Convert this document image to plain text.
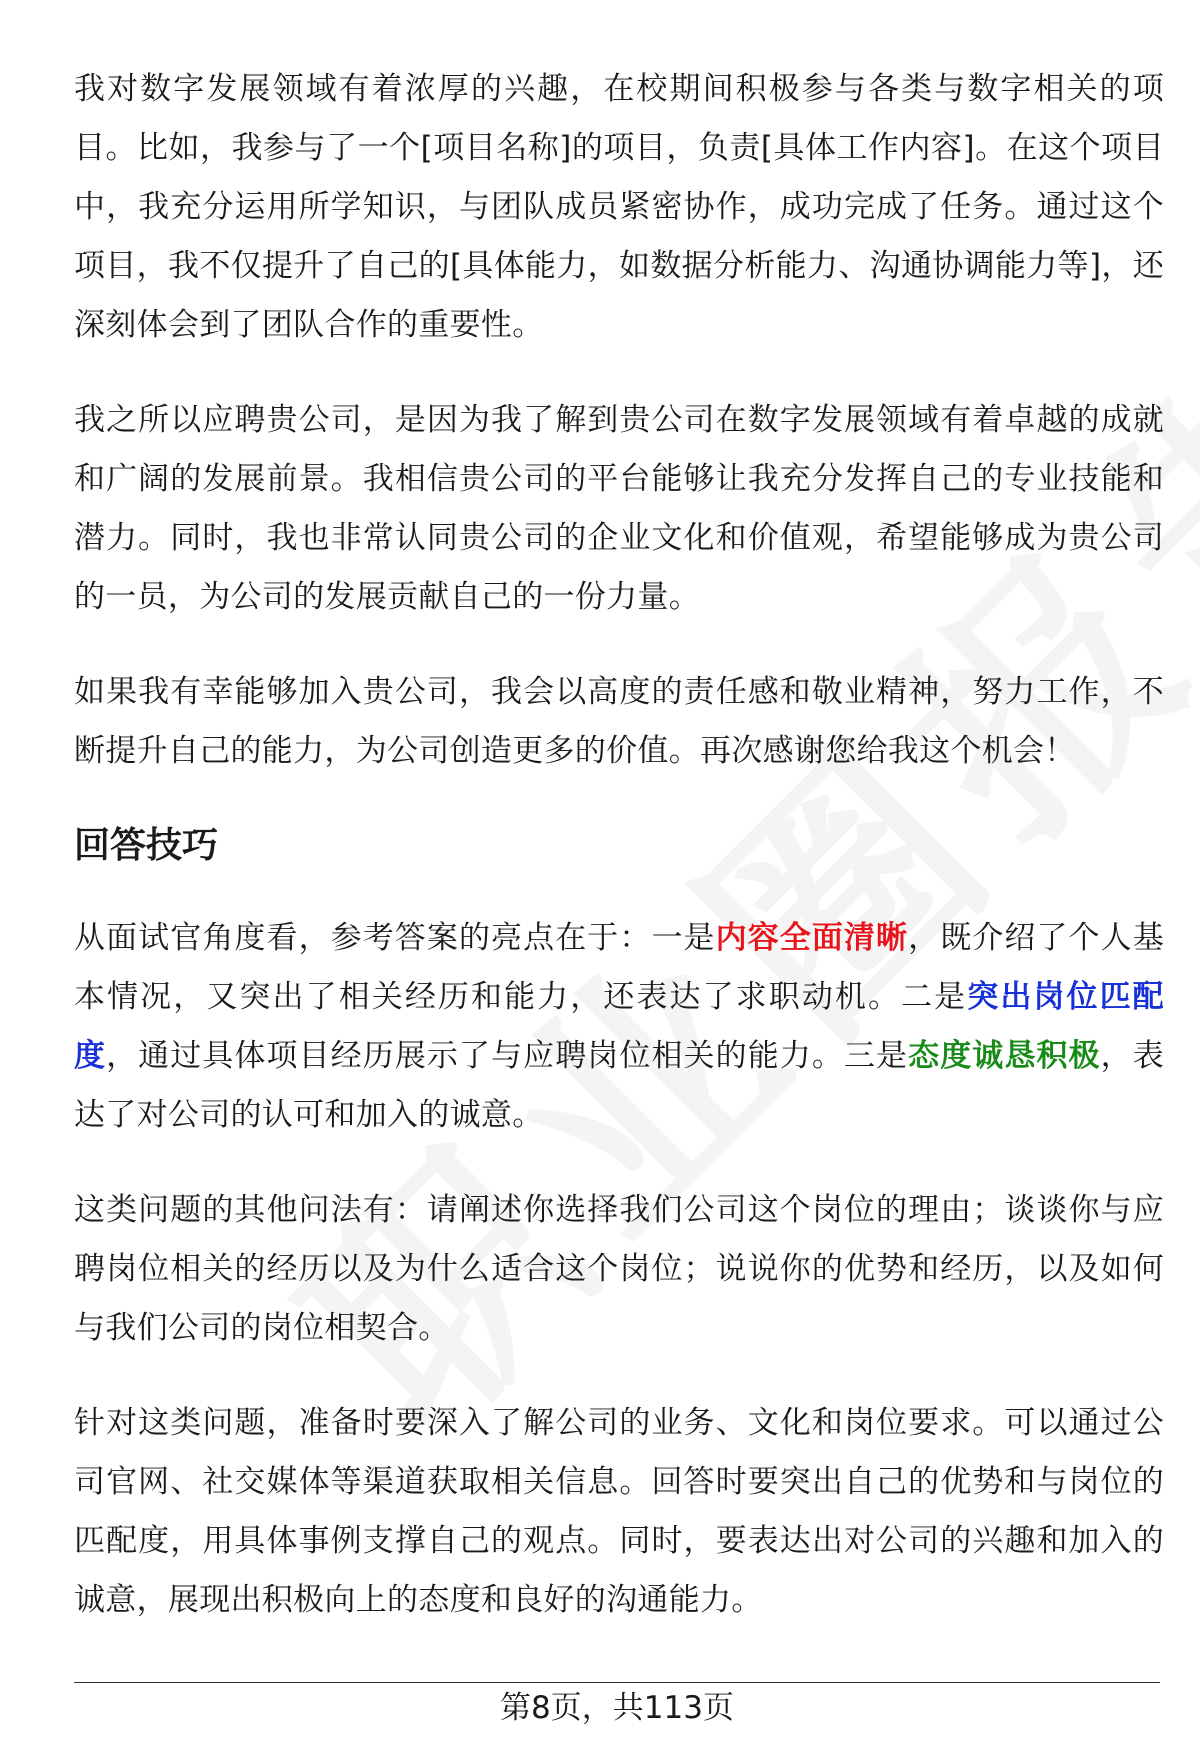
我对数字发展领域有着浓厚的兴趣，在校期间积极参与各类与数字相关的项目。比如，我参与了一个[项目名称]的项目，负责[具体工作内容]。在这个项目中，我充分运用所学知识，与团队成员紧密协作，成功完成了任务。通过这个项目，我不仅提升了自己的[具体能力，如数据分析能力、沟通协调能力等]，还深刻体会到了团队合作的重要性。

我之所以应聘贵公司，是因为我了解到贵公司在数字发展领域有着卓越的成就和广阔的发展前景。我相信贵公司的平台能够让我充分发挥自己的专业技能和潜力。同时，我也非常认同贵公司的企业文化和价值观，希望能够成为贵公司的一员，为公司的发展贡献自己的一份力量。

如果我有幸能够加入贵公司，我会以高度的责任感和敬业精神，努力工作，不断提升自己的能力，为公司创造更多的价值。再次感谢您给我这个机会！

回答技巧

从面试官角度看，参考答案的亮点在于：一是内容全面清晰，既介绍了个人基本情况，又突出了相关经历和能力，还表达了求职动机。二是突出岗位匹配度，通过具体项目经历展示了与应聘岗位相关的能力。三是态度诚恳积极，表达了对公司的认可和加入的诚意。

这类问题的其他问法有：请阐述你选择我们公司这个岗位的理由；谈谈你与应聘岗位相关的经历以及为什么适合这个岗位；说说你的优势和经历，以及如何与我们公司的岗位相契合。

针对这类问题，准备时要深入了解公司的业务、文化和岗位要求。可以通过公司官网、社交媒体等渠道获取相关信息。回答时要突出自己的优势和与岗位的匹配度，用具体事例支撑自己的观点。同时，要表达出对公司的兴趣和加入的诚意，展现出积极向上的态度和良好的沟通能力。

第8页，共113页
